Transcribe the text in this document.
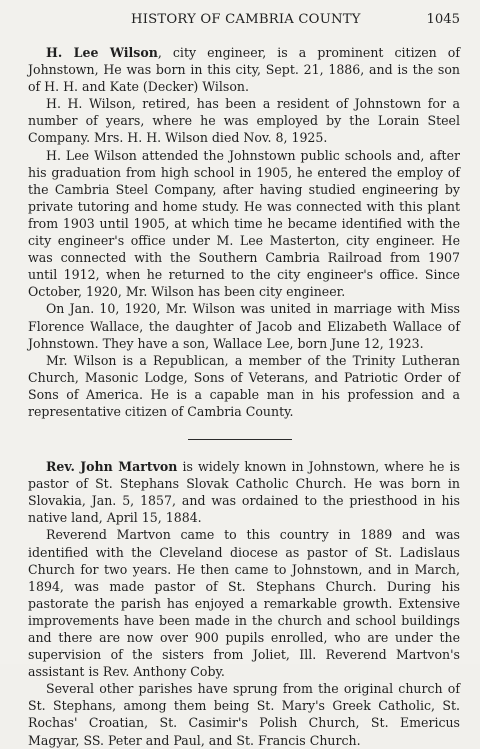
HISTORY OF CAMBRIA COUNTY	1045

H. Lee Wilson, city engineer, is a prominent citizen of Johnstown, He was born in this city, Sept. 21, 1886, and is the son of H. H. and Kate (Decker) Wilson.

H. H. Wilson, retired, has been a resident of Johnstown for a number of years, where he was employed by the Lorain Steel Company. Mrs. H. H. Wilson died Nov. 8, 1925.

H. Lee Wilson attended the Johnstown public schools and, after his graduation from high school in 1905, he entered the employ of the Cambria Steel Company, after having studied engineering by private tutoring and home study. He was connected with this plant from 1903 until 1905, at which time he became identified with the city engineer's office under M. Lee Masterton, city engineer. He was connected with the Southern Cambria Railroad from 1907 until 1912, when he returned to the city engineer's office. Since October, 1920, Mr. Wilson has been city engineer.

On Jan. 10, 1920, Mr. Wilson was united in marriage with Miss Florence Wallace, the daughter of Jacob and Elizabeth Wallace of Johnstown. They have a son, Wallace Lee, born June 12, 1923.

Mr. Wilson is a Republican, a member of the Trinity Lutheran Church, Masonic Lodge, Sons of Veterans, and Patriotic Order of Sons of America. He is a capable man in his profession and a representative citizen of Cambria County.

Rev. John Martvon is widely known in Johnstown, where he is pastor of St. Stephans Slovak Catholic Church. He was born in Slovakia, Jan. 5, 1857, and was ordained to the priesthood in his native land, April 15, 1884.

Reverend Martvon came to this country in 1889 and was identified with the Cleveland diocese as pastor of St. Ladislaus Church for two years. He then came to Johnstown, and in March, 1894, was made pastor of St. Stephans Church. During his pastorate the parish has enjoyed a remarkable growth. Extensive improvements have been made in the church and school buildings and there are now over 900 pupils enrolled, who are under the supervision of the sisters from Joliet, Ill. Reverend Martvon's assistant is Rev. Anthony Coby.

Several other parishes have sprung from the original church of St. Stephans, among them being St. Mary's Greek Catholic, St. Rochas' Croatian, St. Casimir's Polish Church, St. Emericus Magyar, SS. Peter and Paul, and St. Francis Church.
